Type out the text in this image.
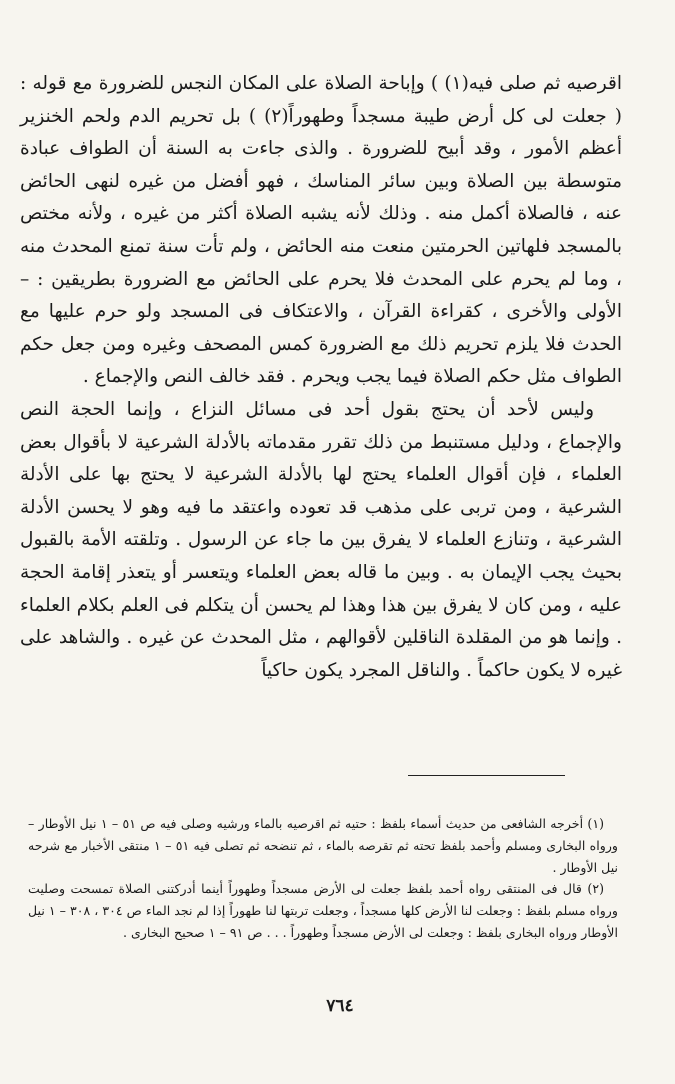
اقرصيه ثم صلى فيه(١) ) وإباحة الصلاة على المكان النجس للضرورة مع قوله : ( جعلت لى كل أرض طيبة مسجداً وطهوراً(٢) ) بل تحريم الدم ولحم الخنزير أعظم الأمور ، وقد أبيح للضرورة . والذى جاءت به السنة أن الطواف عبادة متوسطة بين الصلاة وبين سائر المناسك ، فهو أفضل من غيره لنهى الحائض عنه ، فالصلاة أكمل منه . وذلك لأنه يشبه الصلاة أكثر من غيره ، ولأنه مختص بالمسجد فلهاتين الحرمتين منعت منه الحائض ، ولم تأت سنة تمنع المحدث منه ، وما لم يحرم على المحدث فلا يحرم على الحائض مع الضرورة بطريقين : – الأولى والأخرى ، كقراءة القرآن ، والاعتكاف فى المسجد ولو حرم عليها مع الحدث فلا يلزم تحريم ذلك مع الضرورة كمس المصحف وغيره ومن جعل حكم الطواف مثل حكم الصلاة فيما يجب ويحرم . فقد خالف النص والإجماع .

وليس لأحد أن يحتج بقول أحد فى مسائل النزاع ، وإنما الحجة النص والإجماع ، ودليل مستنبط من ذلك تقرر مقدماته بالأدلة الشرعية لا بأقوال بعض العلماء ، فإن أقوال العلماء يحتج لها بالأدلة الشرعية لا يحتج بها على الأدلة الشرعية ، ومن تربى على مذهب قد تعوده واعتقد ما فيه وهو لا يحسن الأدلة الشرعية ، وتنازع العلماء لا يفرق بين ما جاء عن الرسول . وتلقته الأمة بالقبول بحيث يجب الإيمان به . وبين ما قاله بعض العلماء ويتعسر أو يتعذر إقامة الحجة عليه ، ومن كان لا يفرق بين هذا وهذا لم يحسن أن يتكلم فى العلم بكلام العلماء . وإنما هو من المقلدة الناقلين لأقوالهم ، مثل المحدث عن غيره . والشاهد على غيره لا يكون حاكماً . والناقل المجرد يكون حاكياً

(١) أخرجه الشافعى من حديث أسماء بلفظ : حتيه ثم اقرصيه بالماء ورشيه وصلى فيه ص ٥١ – ١ نيل الأوطار – ورواه البخارى ومسلم وأحمد بلفظ تحته ثم تقرصه بالماء ، ثم تنضحه ثم تصلى فيه ٥١ – ١ منتقى الأخبار مع شرحه نيل الأوطار .

(٢) قال فى المنتقى رواه أحمد بلفظ جعلت لى الأرض مسجداً وطهوراً أينما أدركتنى الصلاة تمسحت وصليت ورواه مسلم بلفظ : وجعلت لنا الأرض كلها مسجداً ، وجعلت تربتها لنا طهوراً إذا لم نجد الماء ص ٣٠٤ ، ٣٠٨ – ١ نيل الأوطار ورواه البخارى بلفظ : وجعلت لى الأرض مسجداً وطهوراً . . . ص ٩١ – ١ صحيح البخارى .

٧٦٤
